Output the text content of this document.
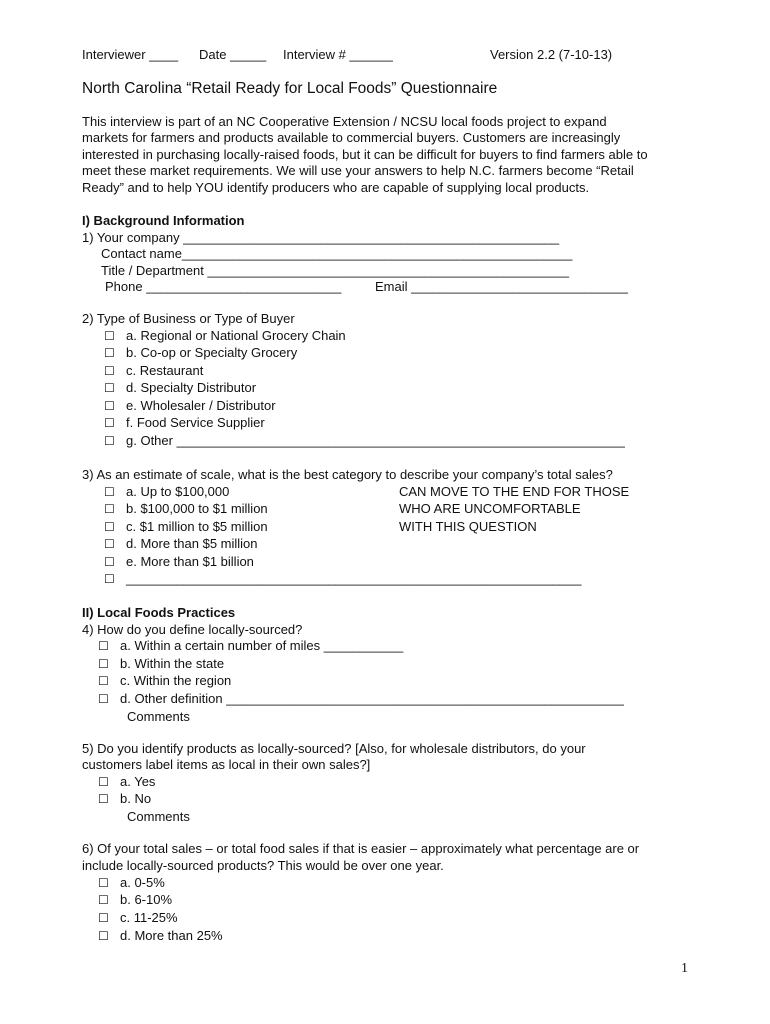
Interviewer ____ Date _____ Interview # ______	Version 2.2 (7-10-13)
North Carolina “Retail Ready for Local Foods” Questionnaire
This interview is part of an NC Cooperative Extension / NCSU local foods project to expand
markets for farmers and products available to commercial buyers. Customers are increasingly
interested in purchasing locally-raised foods, but it can be difficult for buyers to find farmers able to
meet these market requirements. We will use your answers to help N.C. farmers become “Retail
Ready” and to help YOU identify producers who are capable of supplying local products.
I) Background Information
1) Your company ____________________________________________________
Contact name______________________________________________________
Title / Department __________________________________________________
Phone ___________________________	Email ______________________________
2) Type of Business or Type of Buyer
☐ a. Regional or National Grocery Chain
☐ b. Co-op or Specialty Grocery
☐ c. Restaurant
☐ d. Specialty Distributor
☐ e. Wholesaler / Distributor
☐ f. Food Service Supplier
☐ g. Other ______________________________________________________________
3) As an estimate of scale, what is the best category to describe your company’s total sales?
☐ a. Up to $100,000
☐ b. $100,000 to $1 million
☐ c. $1 million to $5 million
☐ d. More than $5 million
☐ e. More than $1 billion
☐ _______________________________________________________________
CAN MOVE TO THE END FOR THOSE
WHO ARE UNCOMFORTABLE
WITH THIS QUESTION
II) Local Foods Practices
4) How do you define locally-sourced?
☐ a. Within a certain number of miles ___________
☐ b. Within the state
☐ c. Within the region
☐ d. Other definition _______________________________________________________
Comments
5) Do you identify products as locally-sourced? [Also, for wholesale distributors, do your
customers label items as local in their own sales?]
☐ a. Yes
☐ b. No
Comments
6) Of your total sales – or total food sales if that is easier – approximately what percentage are or
include locally-sourced products? This would be over one year.
☐ a. 0-5%
☐ b. 6-10%
☐ c. 11-25%
☐ d. More than 25%
1
